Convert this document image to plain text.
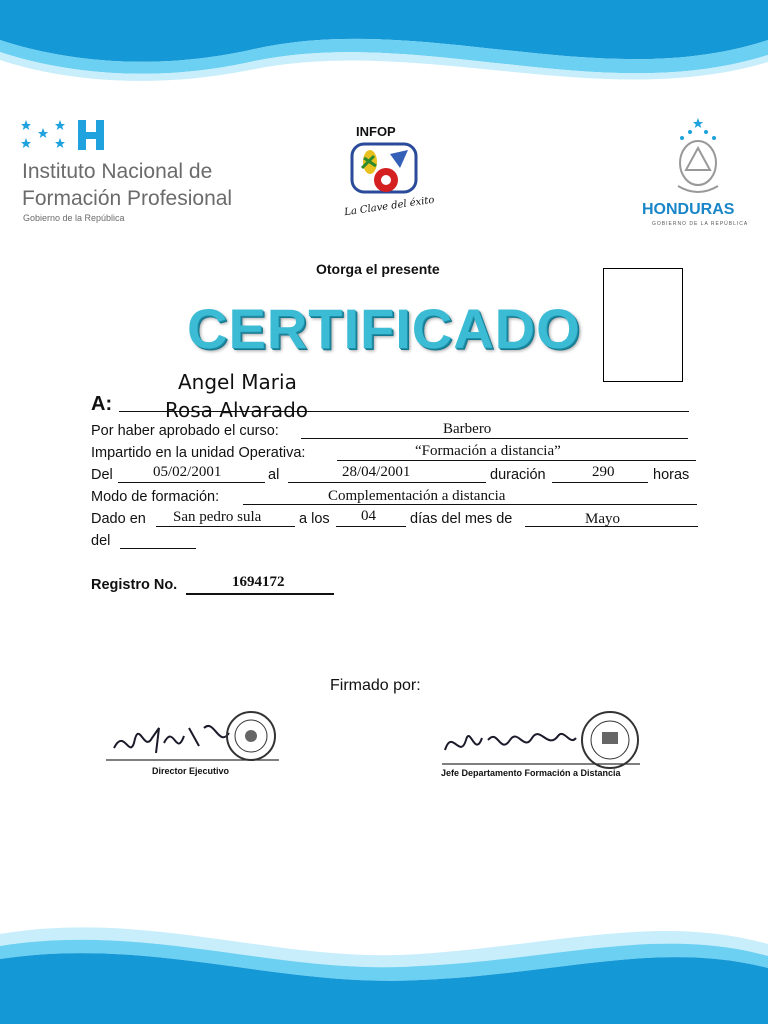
Instituto Nacional de
Formación Profesional
Gobierno de la República
INFOP
La Clave del éxito	HONDURAS
GOBIERNO DE LA REPÚBLICA
Otorga el presente
CERTIFICADO
Angel Maria
A:	Rosa Alvarado
Por haber aprobado el curso:	Barbero
Impartido en la unidad Operativa:	“Formación a distancia”
Del	05/02/2001	al	28/04/2001	duración	290	horas
Modo de formación:	Complementación a distancia
Dado en San pedro sula	a los 04 días del mes de	Mayo
del
Registro No.	1694172
Firmado por:
Director Ejecutivo	Jefe Departamento Formación a Distancia
